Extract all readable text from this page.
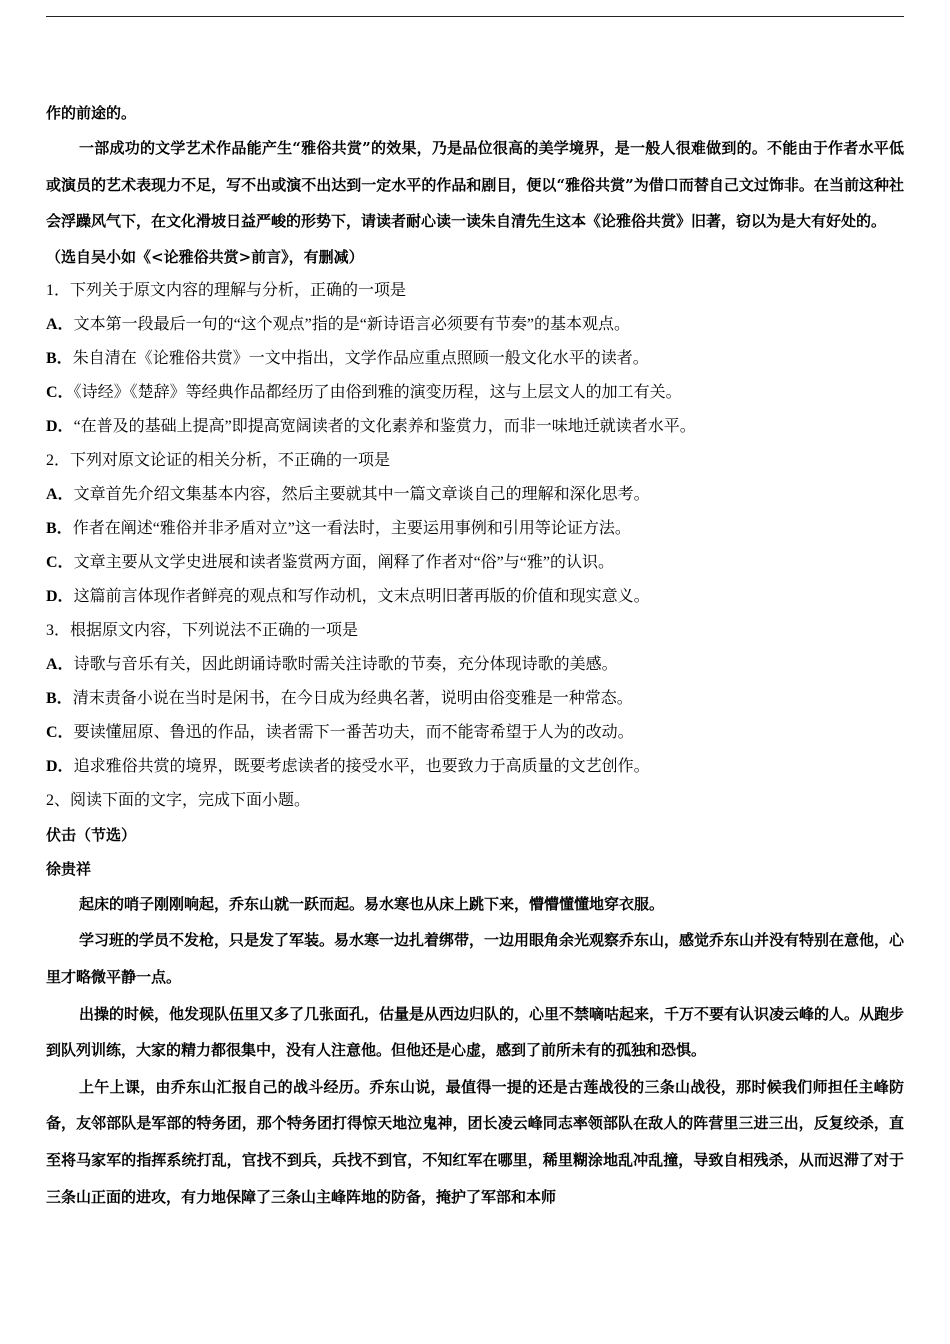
作的前途的。
一部成功的文学艺术作品能产生“雅俗共赏”的效果，乃是品位很高的美学境界，是一般人很难做到的。不能由于作者水平低或演员的艺术表现力不足，写不出或演不出达到一定水平的作品和剧目，便以“雅俗共赏”为借口而替自己文过饰非。在当前这种社会浮躁风气下，在文化滑坡日益严峻的形势下，请读者耐心读一读朱自清先生这本《论雅俗共赏》旧著，窃以为是大有好处的。
（选自吴小如《<论雅俗共赏>前言》，有删减）
1．下列关于原文内容的理解与分析，正确的一项是
A．文本第一段最后一句的“这个观点”指的是“新诗语言必须要有节奏”的基本观点。
B．朱自清在《论雅俗共赏》一文中指出，文学作品应重点照顾一般文化水平的读者。
C．《诗经》《楚辞》等经典作品都经历了由俗到雅的演变历程，这与上层文人的加工有关。
D．“在普及的基础上提高”即提高宽阔读者的文化素养和鉴赏力，而非一味地迁就读者水平。
2．下列对原文论证的相关分析，不正确的一项是
A．文章首先介绍文集基本内容，然后主要就其中一篇文章谈自己的理解和深化思考。
B．作者在阐述“雅俗并非矛盾对立”这一看法时，主要运用事例和引用等论证方法。
C．文章主要从文学史进展和读者鉴赏两方面，阐释了作者对“俗”与“雅”的认识。
D．这篇前言体现作者鲜亮的观点和写作动机，文末点明旧著再版的价值和现实意义。
3．根据原文内容，下列说法不正确的一项是
A．诗歌与音乐有关，因此朗诵诗歌时需关注诗歌的节奏，充分体现诗歌的美感。
B．清末责备小说在当时是闲书，在今日成为经典名著，说明由俗变雅是一种常态。
C．要读懂屈原、鲁迅的作品，读者需下一番苦功夫，而不能寄希望于人为的改动。
D．追求雅俗共赏的境界，既要考虑读者的接受水平，也要致力于高质量的文艺创作。
2、阅读下面的文字，完成下面小题。
伏击（节选）
徐贵祥
起床的哨子刚刚响起，乔东山就一跃而起。易水寒也从床上跳下来，懵懵懂懂地穿衣服。
学习班的学员不发枪，只是发了军装。易水寒一边扎着绑带，一边用眼角余光观察乔东山，感觉乔东山并没有特别在意他，心里才略微平静一点。
出操的时候，他发现队伍里又多了几张面孔，估量是从西边归队的，心里不禁嘀咕起来，千万不要有认识凌云峰的人。从跑步到队列训练，大家的精力都很集中，没有人注意他。但他还是心虚，感到了前所未有的孤独和恐惧。
上午上课，由乔东山汇报自己的战斗经历。乔东山说，最值得一提的还是古莲战役的三条山战役，那时候我们师担任主峰防备，友邻部队是军部的特务团，那个特务团打得惊天地泣鬼神，团长凌云峰同志率领部队在敌人的阵营里三进三出，反复绞杀，直至将马家军的指挥系统打乱，官找不到兵，兵找不到官，不知红军在哪里，稀里糊涂地乱冲乱撞，导致自相残杀，从而迟滞了对于三条山正面的进攻，有力地保障了三条山主峰阵地的防备，掩护了军部和本师
